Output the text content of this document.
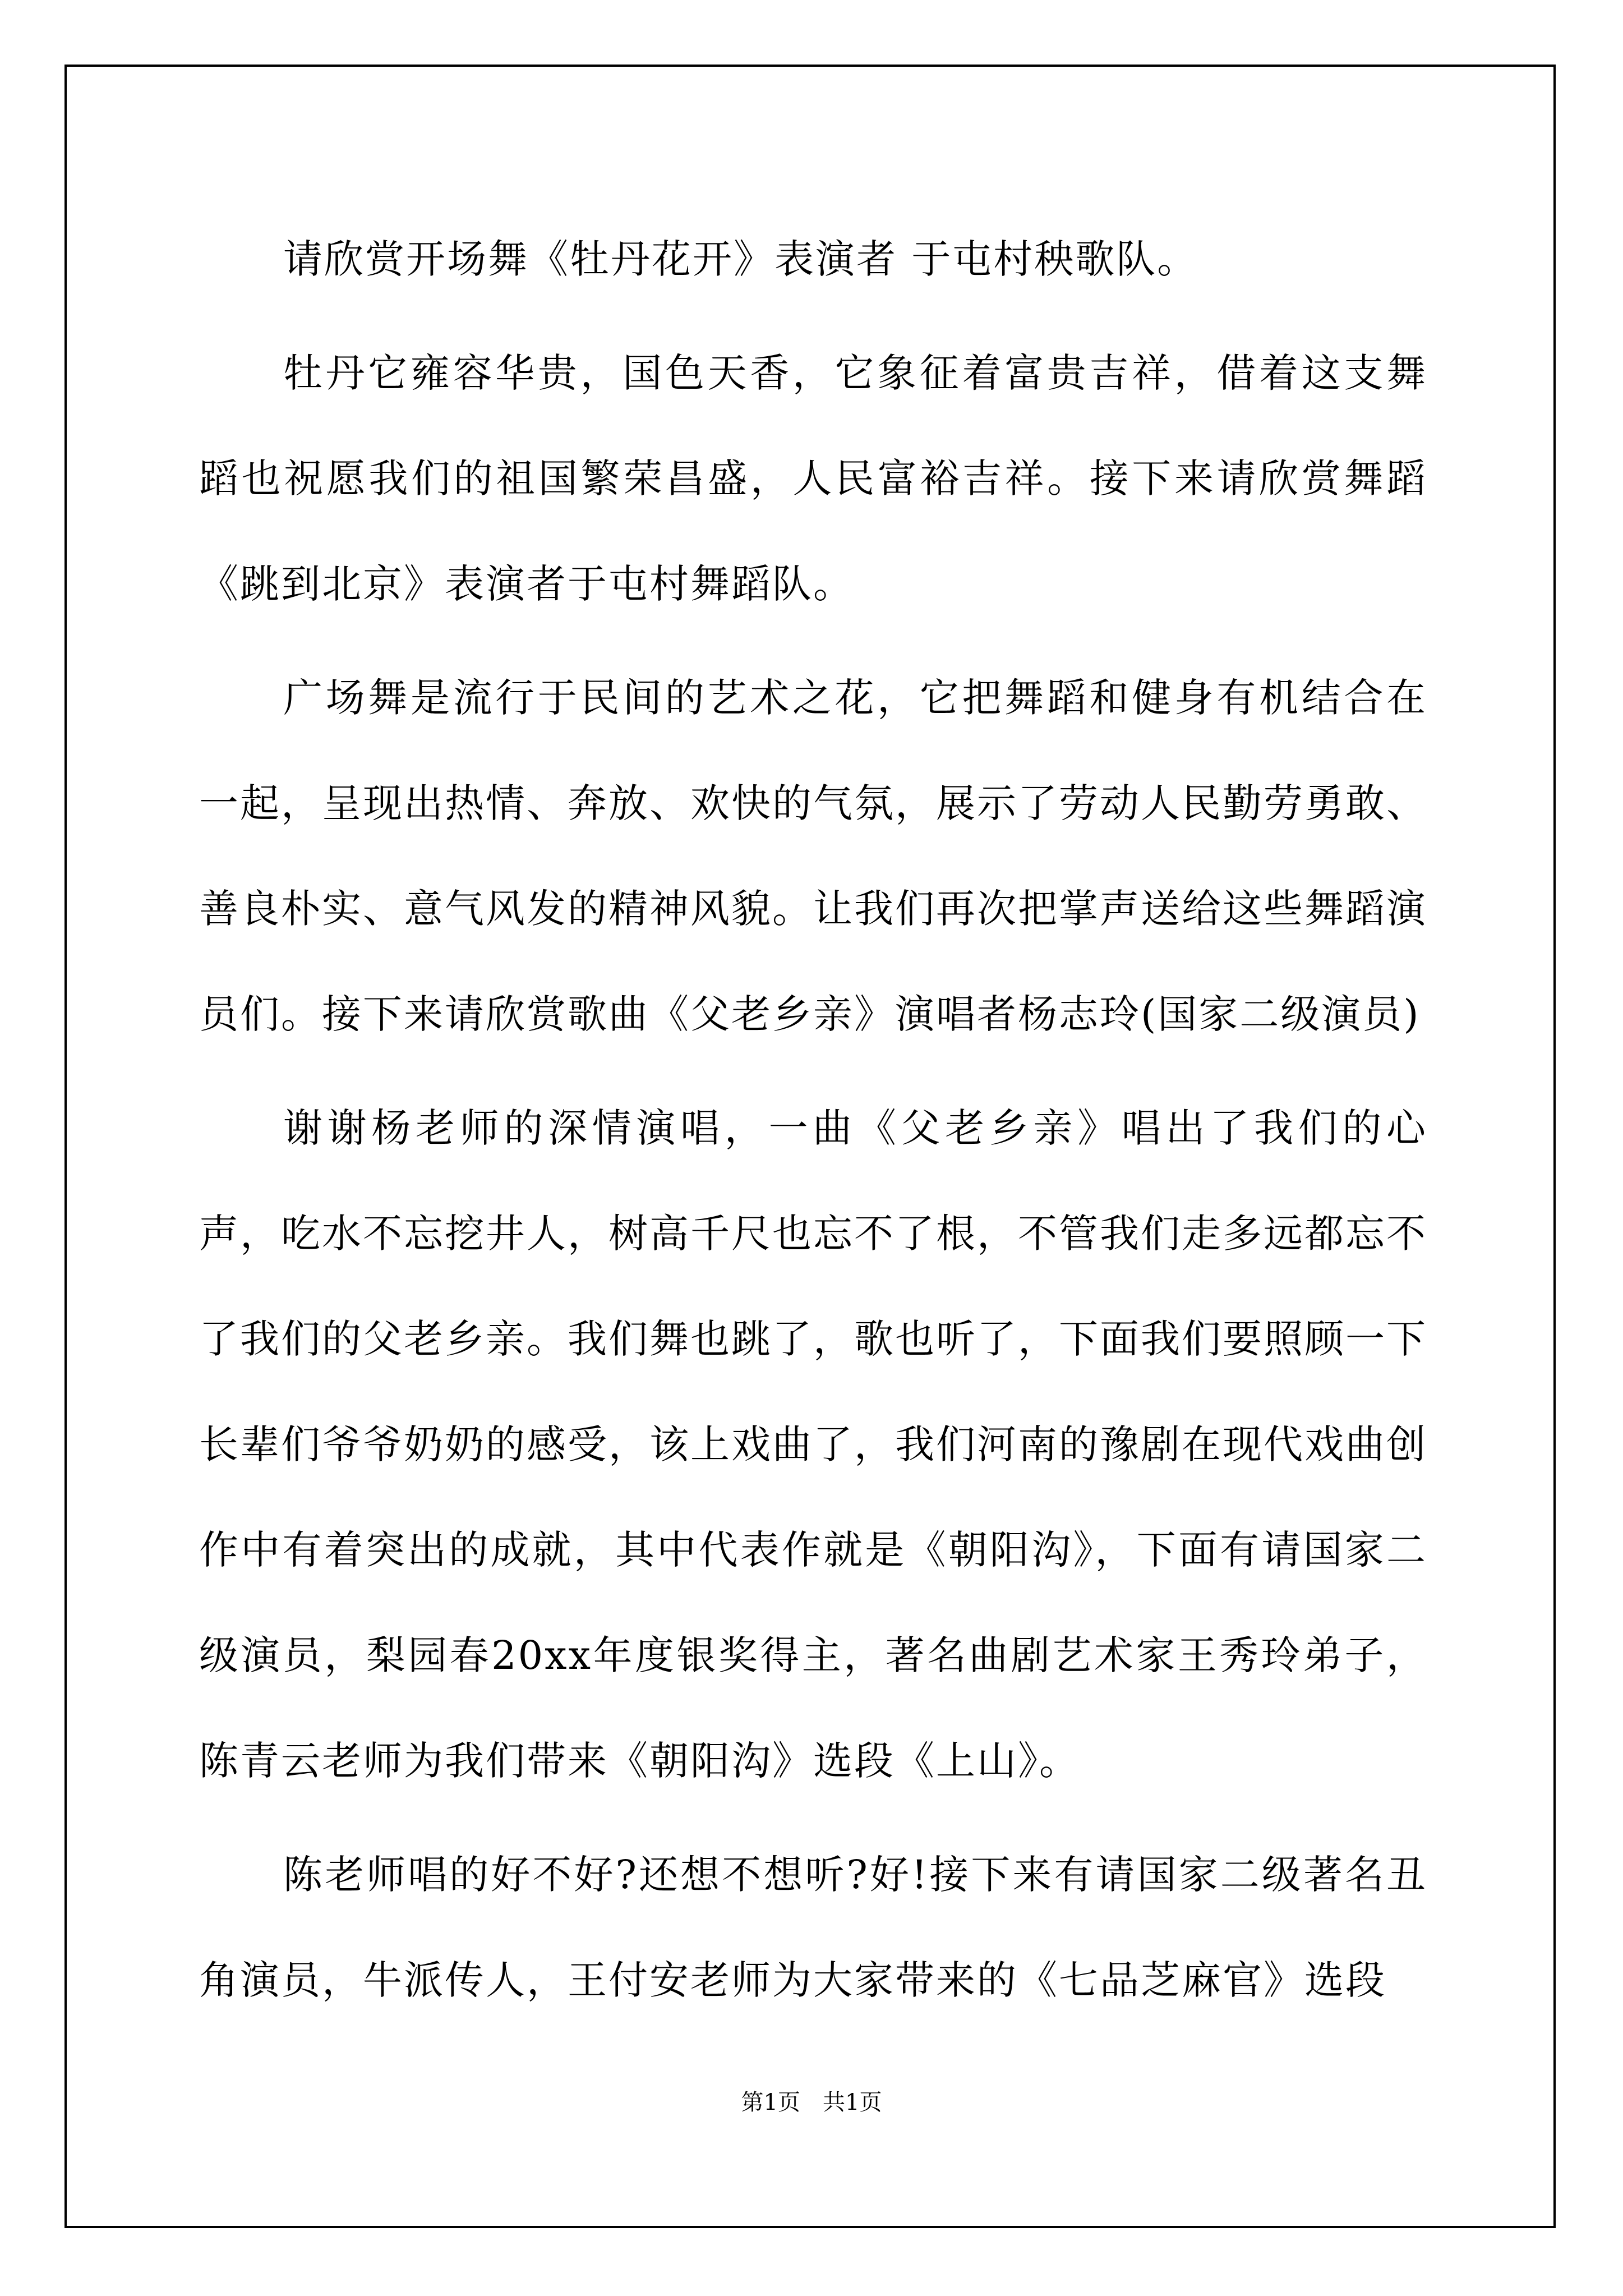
请欣赏开场舞《牡丹花开》表演者 于屯村秧歌队。

牡丹它雍容华贵，国色天香，它象征着富贵吉祥，借着这支舞蹈也祝愿我们的祖国繁荣昌盛，人民富裕吉祥。接下来请欣赏舞蹈《跳到北京》表演者于屯村舞蹈队。

广场舞是流行于民间的艺术之花，它把舞蹈和健身有机结合在一起，呈现出热情、奔放、欢快的气氛，展示了劳动人民勤劳勇敢、善良朴实、意气风发的精神风貌。让我们再次把掌声送给这些舞蹈演员们。接下来请欣赏歌曲《父老乡亲》演唱者杨志玲(国家二级演员)

谢谢杨老师的深情演唱，一曲《父老乡亲》唱出了我们的心声，吃水不忘挖井人，树高千尺也忘不了根，不管我们走多远都忘不了我们的父老乡亲。我们舞也跳了，歌也听了，下面我们要照顾一下长辈们爷爷奶奶的感受，该上戏曲了，我们河南的豫剧在现代戏曲创作中有着突出的成就，其中代表作就是《朝阳沟》，下面有请国家二级演员，梨园春20xx年度银奖得主，著名曲剧艺术家王秀玲弟子，陈青云老师为我们带来《朝阳沟》选段《上山》。

陈老师唱的好不好?还想不想听?好!接下来有请国家二级著名丑角演员，牛派传人，王付安老师为大家带来的《七品芝麻官》选段

第1页　共1页
